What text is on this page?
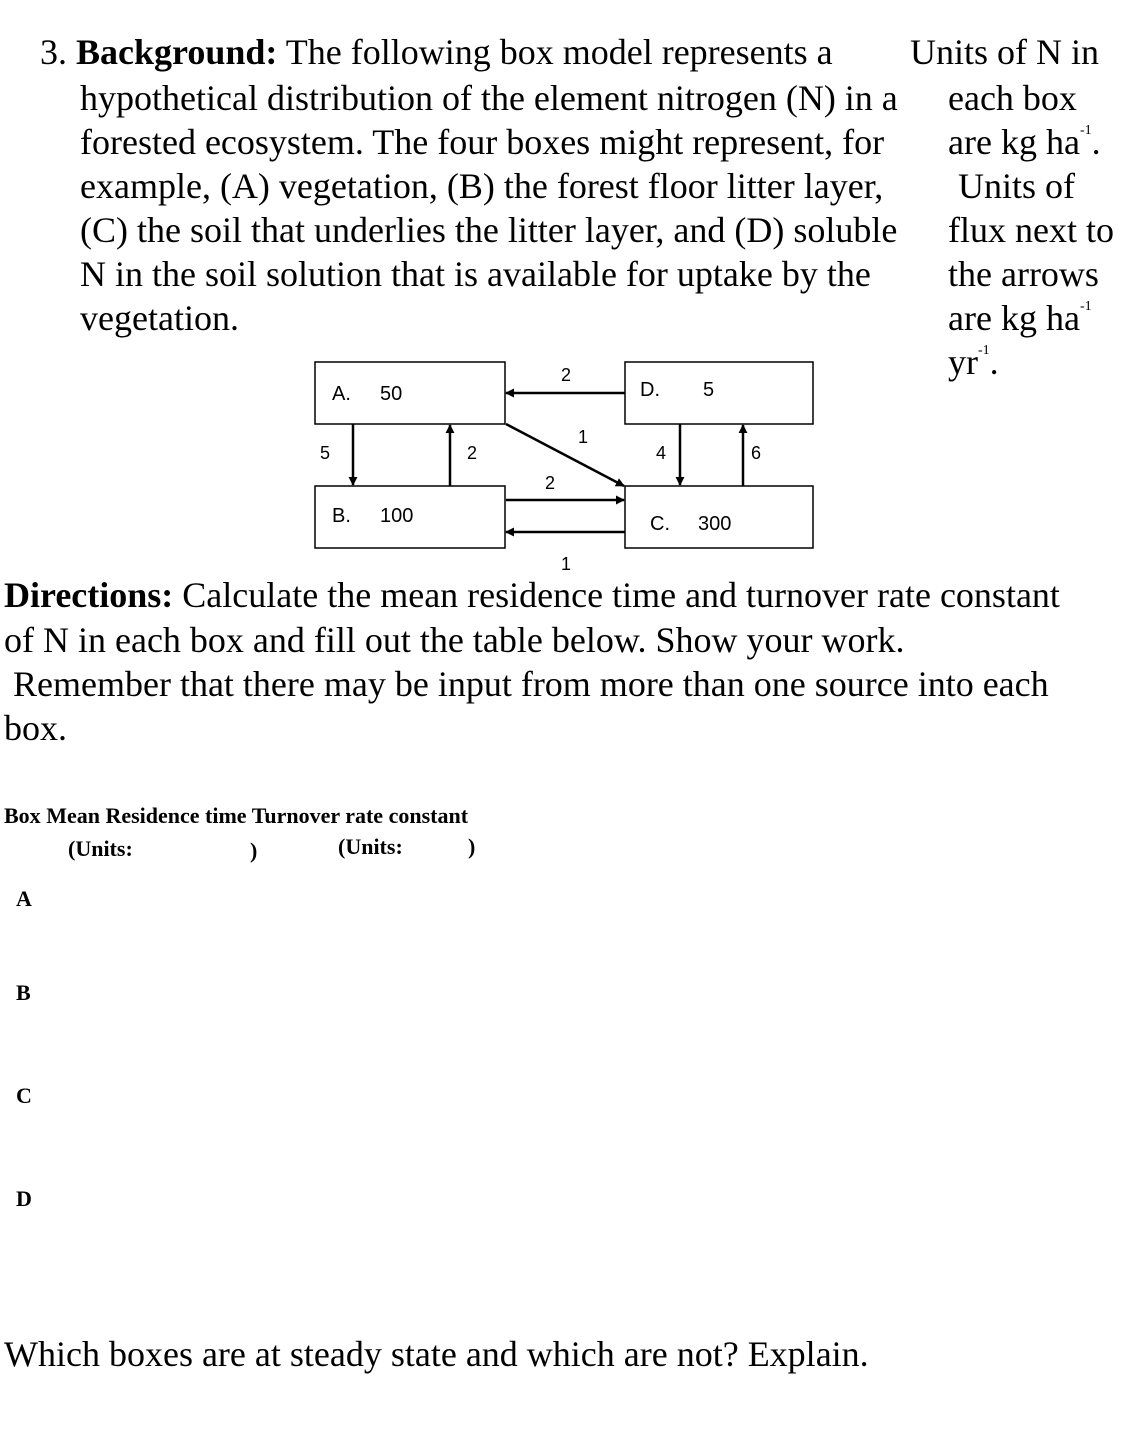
3. Background: The following box model represents a
hypothetical distribution of the element nitrogen (N) in a
forested ecosystem. The four boxes might represent, for
example, (A) vegetation, (B) the forest floor litter layer,
(C) the soil that underlies the litter layer, and (D) soluble
N in the soil solution that is available for uptake by the
vegetation.
Units of N in
each box
are kg $ha^{-1}$.
Units of
flux next to
the arrows
are kg $ha^{-1}$
$yr^{-1}$.
A. 50	D. 5
B. 100	C. 300
2
1
5	2
2
1
4	6
Directions: Calculate the mean residence time and turnover rate constant
of N in each box and fill out the table below. Show your work.
Remember that there may be input from more than one source into each
box.
Box Mean Residence time Turnover rate constant
(Units:	)	(Units:	)
A
B
C
D
Which boxes are at steady state and which are not? Explain.
